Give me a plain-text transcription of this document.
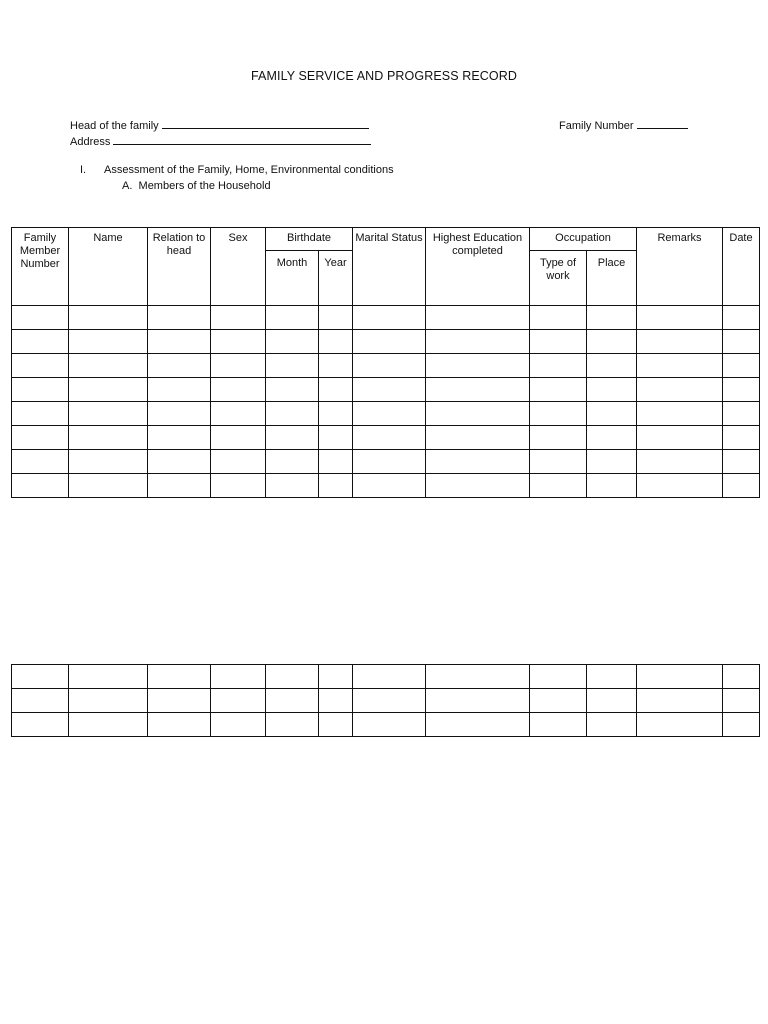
FAMILY SERVICE AND PROGRESS RECORD
Head of the family	Family Number
Address
I. Assessment of the Family, Home, Environmental conditions
A. Members of the Household
Family Member Number	Name	Relation to head	Sex	Birthdate		Marital Status	Highest Education completed	Occupation		Remarks	Date
				Month	Year			Type of work	Place		
